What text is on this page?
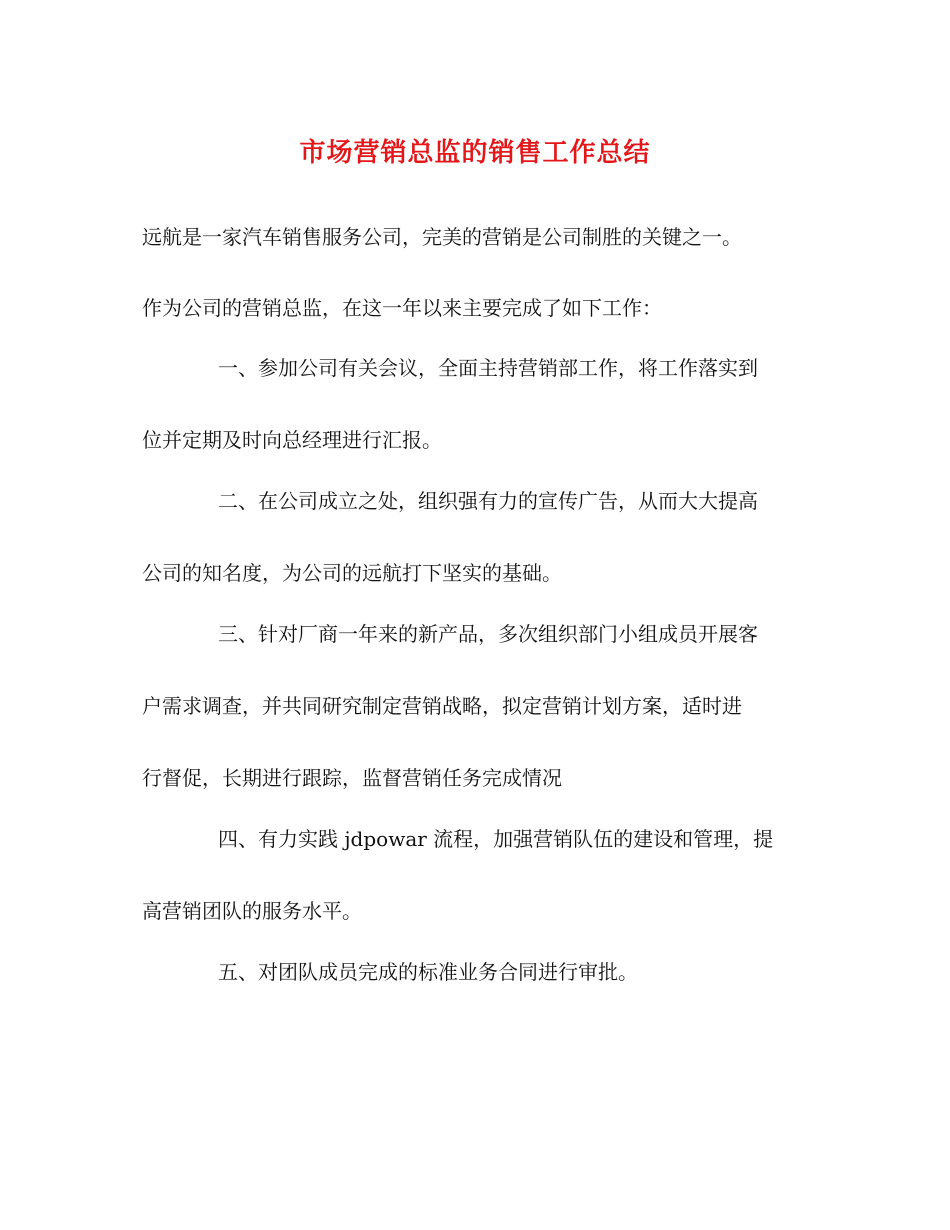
市场营销总监的销售工作总结
远航是一家汽车销售服务公司，完美的营销是公司制胜的关键之一。
作为公司的营销总监，在这一年以来主要完成了如下工作：
一、参加公司有关会议，全面主持营销部工作，将工作落实到
位并定期及时向总经理进行汇报。
二、在公司成立之处，组织强有力的宣传广告，从而大大提高
公司的知名度，为公司的远航打下坚实的基础。
三、针对厂商一年来的新产品，多次组织部门小组成员开展客
户需求调查，并共同研究制定营销战略，拟定营销计划方案，适时进
行督促，长期进行跟踪，监督营销任务完成情况
四、有力实践 jdpowar 流程，加强营销队伍的建设和管理，提
高营销团队的服务水平。
五、对团队成员完成的标准业务合同进行审批。
